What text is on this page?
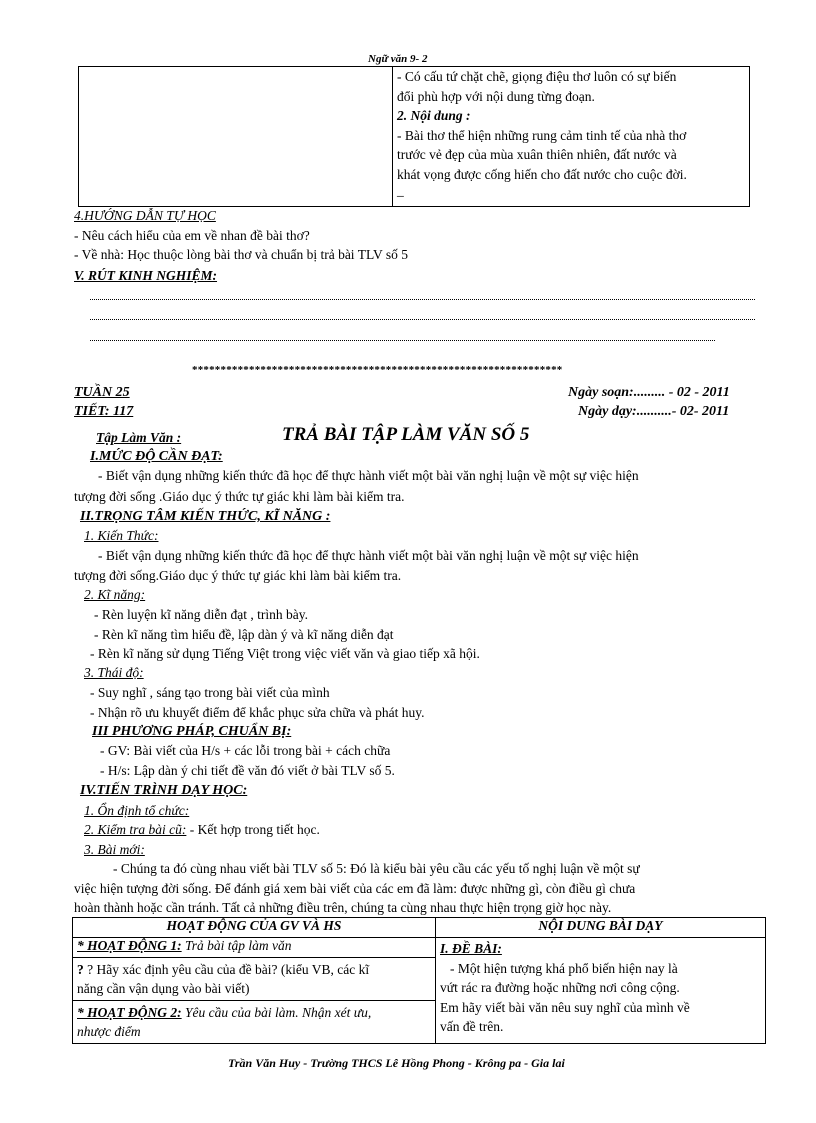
Ngữ văn 9- 2

- Có cấu tứ chặt chẽ, giọng điệu thơ luôn có sự biến
đổi phù hợp với nội dung từng đoạn.
2. Nội dung :
- Bài thơ thể hiện những rung cảm tinh tế của nhà thơ
trước vẻ đẹp của mùa xuân thiên nhiên, đất nước và
khát vọng được cống hiến cho đất nước cho cuộc đời.
_
4.HƯỚNG DẪN TỰ HỌC
- Nêu cách hiểu của em về nhan đề bài thơ?
- Về nhà: Học thuộc lòng bài thơ và chuẩn bị trả bài TLV số 5
V. RÚT KINH NGHIỆM:
*****************************************************************
TUẦN 25
TIẾT: 117
Ngày soạn:......... - 02 - 2011
Ngày dạy:..........- 02- 2011
Tập Làm Văn :	TRẢ BÀI TẬP LÀM VĂN SỐ 5
I.MỨC ĐỘ CẦN ĐẠT:
- Biết vận dụng những kiến thức đã học để thực hành viết một bài văn nghị luận về một sự việc hiện
tượng đời sống .Giáo dục ý thức tự giác khi làm bài kiểm tra.
II.TRỌNG TÂM KIẾN THỨC, KĨ NĂNG :
1. Kiến Thức:
- Biết vận dụng những kiến thức đã học để thực hành viết một bài văn nghị luận về một sự việc hiện
tượng đời sống.Giáo dục ý thức tự giác khi làm bài kiểm tra.
2. Kĩ năng:
- Rèn luyện kĩ năng diễn đạt , trình bày.
- Rèn kĩ năng tìm hiểu đề, lập dàn ý và kĩ năng diễn đạt
- Rèn kĩ năng sử dụng Tiếng Việt trong việc viết văn và giao tiếp xã hội.
3. Thái độ:
- Suy nghĩ , sáng tạo trong bài viết của mình
- Nhận rõ ưu khuyết điểm để khắc phục sửa chữa và phát huy.
III PHƯƠNG PHÁP, CHUẨN BỊ:
- GV: Bài viết của H/s + các lỗi trong bài + cách chữa
- H/s: Lập dàn ý chi tiết đề văn đó viết ở bài TLV số 5.
IV.TIẾN TRÌNH DẠY HỌC:
1. Ổn định tổ chức:
2. Kiểm tra bài cũ: - Kết hợp trong tiết học.
3. Bài mới:
- Chúng ta đó cùng nhau viết bài TLV số 5: Đó là kiểu bài yêu cầu các yếu tố nghị luận về một sự
việc hiện tượng đời sống. Để đánh giá xem bài viết của các em đã làm: được những gì, còn điều gì chưa
hoàn thành hoặc cần tránh. Tất cả những điều trên, chúng ta cùng nhau thực hiện trọng giờ học này.
HOẠT ĐỘNG CỦA GV VÀ HS	NỘI DUNG BÀI DẠY
* HOẠT ĐỘNG 1: Trả bài tập làm văn	I. ĐỀ BÀI:
- Một hiện tượng khá phổ biến hiện nay là
vứt rác ra đường hoặc những nơi công cộng.
Em hãy viết bài văn nêu suy nghĩ của mình về
vấn đề trên.

? ? Hãy xác định yêu cầu của đề bài? (kiểu VB, các kĩ
năng cần vận dụng vào bài viết)	

* HOẠT ĐỘNG 2: Yêu cầu của bài làm. Nhận xét ưu,
nhược điểm	
Trần Văn Huy - Trường THCS Lê Hồng Phong - Krông pa - Gia lai
